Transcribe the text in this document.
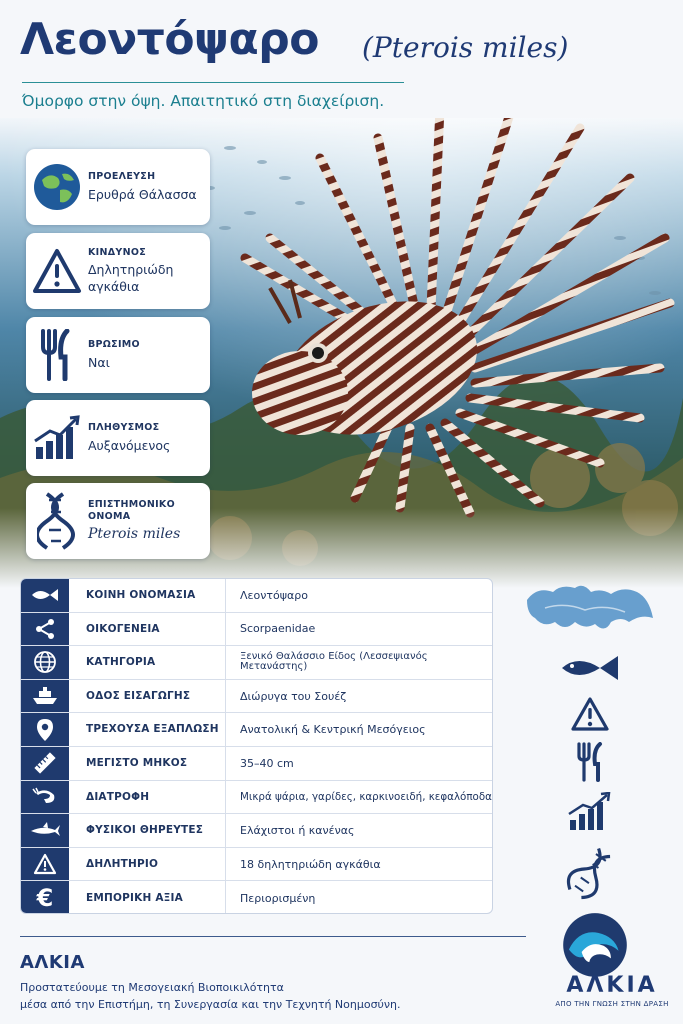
Λεοντόψαρο (Pterois miles)
Όμορφο στην όψη. Απαιτητικό στη διαχείριση.
ΠΡΟΕΛΕΥΣΗ
Ερυθρά Θάλασσα
ΚΙΝΔΥΝΟΣ
Δηλητηριώδη αγκάθια
ΒΡΩΣΙΜΟ
Ναι
ΠΛΗΘΥΣΜΟΣ
Αυξανόμενος
ΕΠΙΣΤΗΜΟΝΙΚΟ ΟΝΟΜΑ
Pterois miles
ΚΟΙΝΗ ΟΝΟΜΑΣΙΑ	Λεοντόψαρο
ΟΙΚΟΓΕΝΕΙΑ	Scorpaenidae
ΚΑΤΗΓΟΡΙΑ	Ξενικό Θαλάσσιο Είδος (Λεσσεψιανός Μετανάστης)
ΟΔΟΣ ΕΙΣΑΓΩΓΗΣ	Διώρυγα του Σουέζ
ΤΡΕΧΟΥΣΑ ΕΞΑΠΛΩΣΗ	Ανατολική & Κεντρική Μεσόγειος
ΜΕΓΙΣΤΟ ΜΗΚΟΣ	35–40 cm
ΔΙΑΤΡΟΦΗ	Μικρά ψάρια, γαρίδες, καρκινοειδή, κεφαλόποδα
ΦΥΣΙΚΟΙ ΘΗΡΕΥΤΕΣ	Ελάχιστοι ή κανένας
ΔΗΛΗΤΗΡΙΟ	18 δηλητηριώδη αγκάθια
€	ΕΜΠΟΡΙΚΗ ΑΞΙΑ	Περιορισμένη
ΑΛΚΙΑ
Προστατεύουμε τη Μεσογειακή Βιοποικιλότητα
μέσα από την Επιστήμη, τη Συνεργασία και την Τεχνητή Νοημοσύνη.
ΑΛΚΙΑ
ΑΠΟ ΤΗΝ ΓΝΩΣΗ ΣΤΗΝ ΔΡΑΣΗ
